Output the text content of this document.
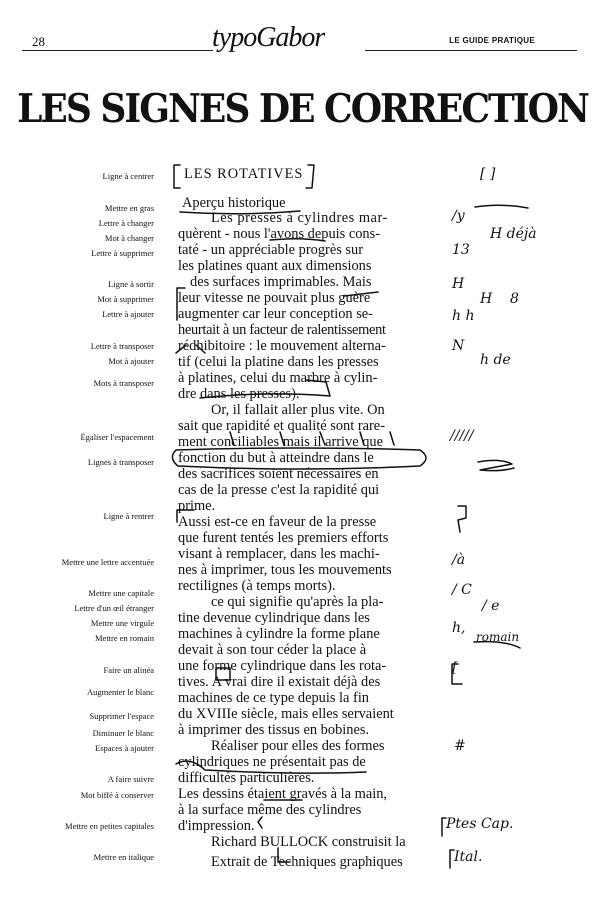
28	typoGabor	LE GUIDE PRATIQUE
LES SIGNES DE CORRECTION
Ligne à centrer
Mettre en gras
Lettre à changer
Mot à changer
Lettre à supprimer
Ligne à sortir
Mot à supprimer
Lettre à ajouter
Lettre à transposer
Mot à ajouter
Mots à transposer
Égaliser l'espacement
Lignes à transposer
Ligne à rentrer
Mettre une lettre accentuée
Mettre une capitale
Lettre d'un œil étranger
Mettre une virgule
Mettre en romain
Faire un alinéa
Augmenter le blanc
Supprimer l'espace
Diminuer le blanc
Espaces à ajouter
A faire suivre
Mot biffé à conserver
Mettre en petites capitales
Mettre en italique
LES ROTATIVES
Aperçu historique
Les presses à cylindres mar-
quèrent - nous l'avons depuis cons-
taté - un appréciable progrès sur
les platines quant aux dimensions
des surfaces imprimables. Mais
leur vitesse ne pouvait plus guère
augmenter car leur conception se-
heurtait à un facteur de ralentissement
rédhibitoire : le mouvement alterna-
tif (celui la platine dans les presses
à platines, celui du marbre à cylin-
dre dans les presses).
Or, il fallait aller plus vite. On
sait que rapidité et qualité sont rare-
ment conciliables mais il arrive que
fonction du but à atteindre dans le
des sacrifices soient nécessaires en
cas de la presse c'est la rapidité qui
prime.
Aussi est-ce en faveur de la presse
que furent tentés les premiers efforts
visant à remplacer, dans les machi-
nes à imprimer, tous les mouvements
rectilignes (à temps morts).
ce qui signifie qu'après la pla-
tine devenue cylindrique dans les
machines à cylindre la forme plane
devait à son tour céder la place à
une forme cylindrique dans les rota-
tives. A vrai dire il existait déjà des
machines de ce type depuis la fin
du XVIIIe siècle, mais elles servaient
à imprimer des tissus en bobines.
Réaliser pour elles des formes
cylindriques ne présentait pas de
difficultés particulières.
Les dessins étaient gravés à la main,
à la surface même des cylindres
d'impression.
Richard BULLOCK construisit la
Extrait de Techniques graphiques
[ ]
/y
H déjà
13
H
H 8
h h
N
h de
/////
/à
/ C
/ e
h,
romain
[
#
Ptes Cap.
Ital.
